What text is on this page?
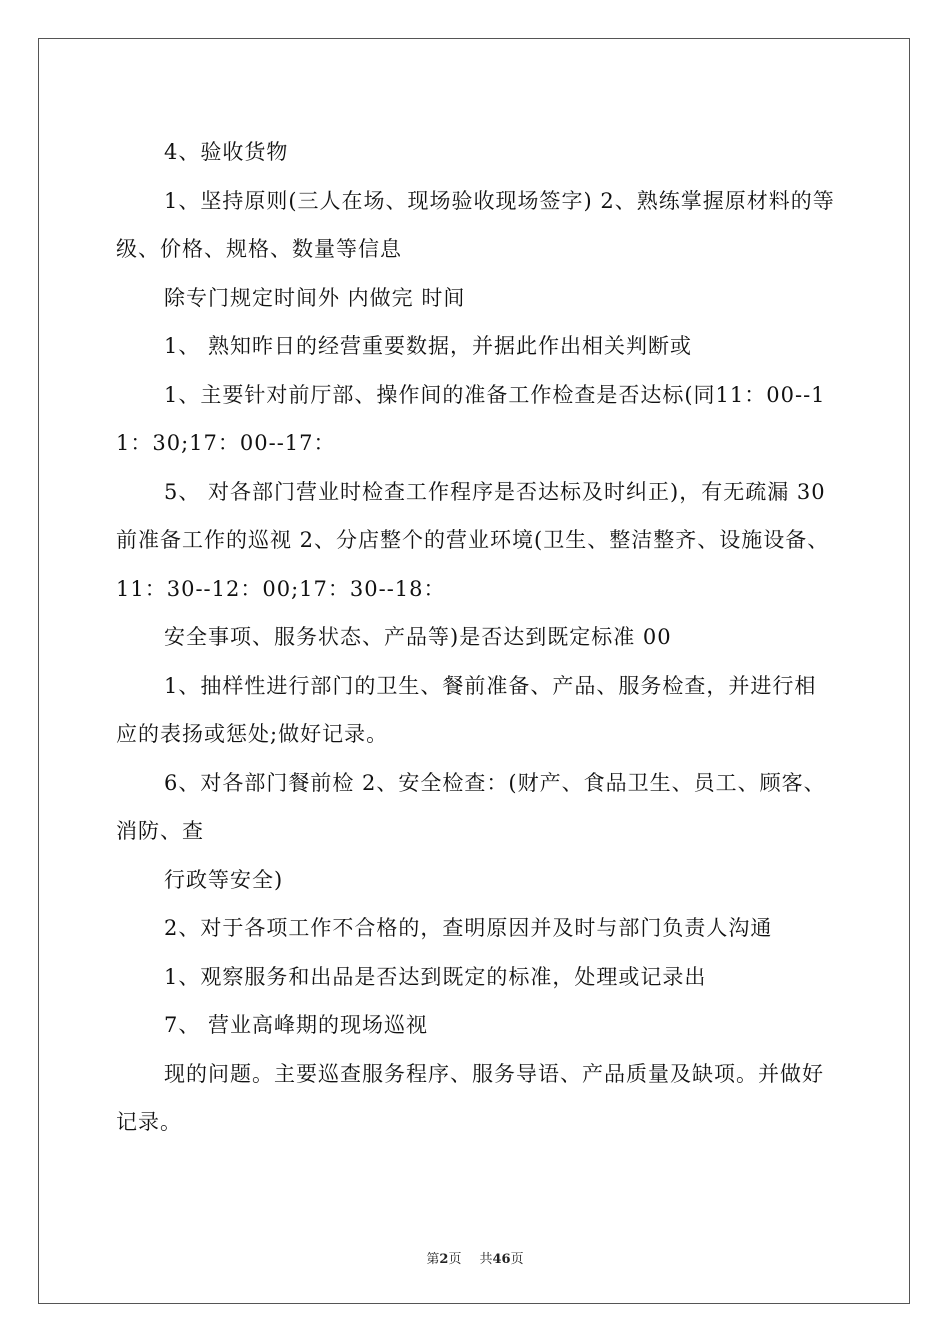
4、验收货物

1、坚持原则(三人在场、现场验收现场签字) 2、熟练掌握原材料的等级、价格、规格、数量等信息

除专门规定时间外 内做完 时间

1、 熟知昨日的经营重要数据，并据此作出相关判断或

1、主要针对前厅部、操作间的准备工作检查是否达标(同11：00--11：30;17：00--17：

5、 对各部门营业时检查工作程序是否达标及时纠正)，有无疏漏 30 前准备工作的巡视 2、分店整个的营业环境(卫生、整洁整齐、设施设备、11：30--12：00;17：30--18：

安全事项、服务状态、产品等)是否达到既定标准 00

1、抽样性进行部门的卫生、餐前准备、产品、服务检查，并进行相应的表扬或惩处;做好记录。

6、对各部门餐前检 2、安全检查：(财产、食品卫生、员工、顾客、消防、查

行政等安全)

2、对于各项工作不合格的，查明原因并及时与部门负责人沟通

1、观察服务和出品是否达到既定的标准，处理或记录出

7、 营业高峰期的现场巡视

现的问题。主要巡查服务程序、服务导语、产品质量及缺项。并做好记录。

第2页 共46页
